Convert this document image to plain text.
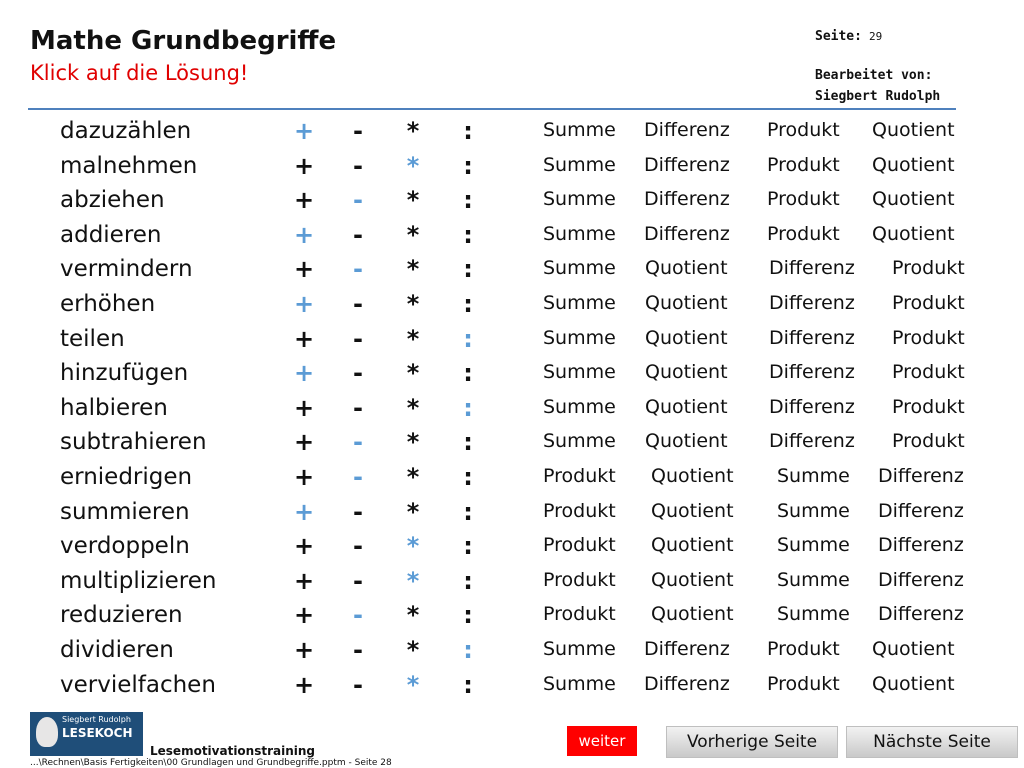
Mathe Grundbegriffe
Klick auf die Lösung!
Seite: 29
Bearbeitet von:
Siegbert Rudolph
dazuzählen	+	-	*	:	Summe Differenz Produkt Quotient
malnehmen	+	-	*	:	Summe Differenz Produkt Quotient
abziehen	+	-	*	:	Summe Differenz Produkt Quotient
addieren	+	-	*	:	Summe Differenz Produkt Quotient
vermindern	+	-	*	:	Summe Quotient Differenz Produkt
erhöhen	+	-	*	:	Summe Quotient Differenz Produkt
teilen	+	-	*	:	Summe Quotient Differenz Produkt
hinzufügen	+	-	*	:	Summe Quotient Differenz Produkt
halbieren	+	-	*	:	Summe Quotient Differenz Produkt
subtrahieren	+	-	*	:	Summe Quotient Differenz Produkt
erniedrigen	+	-	*	:	Produkt Quotient Summe Differenz
summieren	+	-	*	:	Produkt Quotient Summe Differenz
verdoppeln	+	-	*	:	Produkt Quotient Summe Differenz
multiplizieren	+	-	*	:	Produkt Quotient Summe Differenz
reduzieren	+	-	*	:	Produkt Quotient Summe Differenz
dividieren	+	-	*	:	Summe Differenz Produkt Quotient
vervielfachen	+	-	*	:	Summe Differenz Produkt Quotient
Siegbert Rudolph
LESEKOCH
Lesemotivationstraining
...\Rechnen\Basis Fertigkeiten\00 Grundlagen und Grundbegriffe.pptm - Seite 28
weiter	Vorherige Seite	Nächste Seite
